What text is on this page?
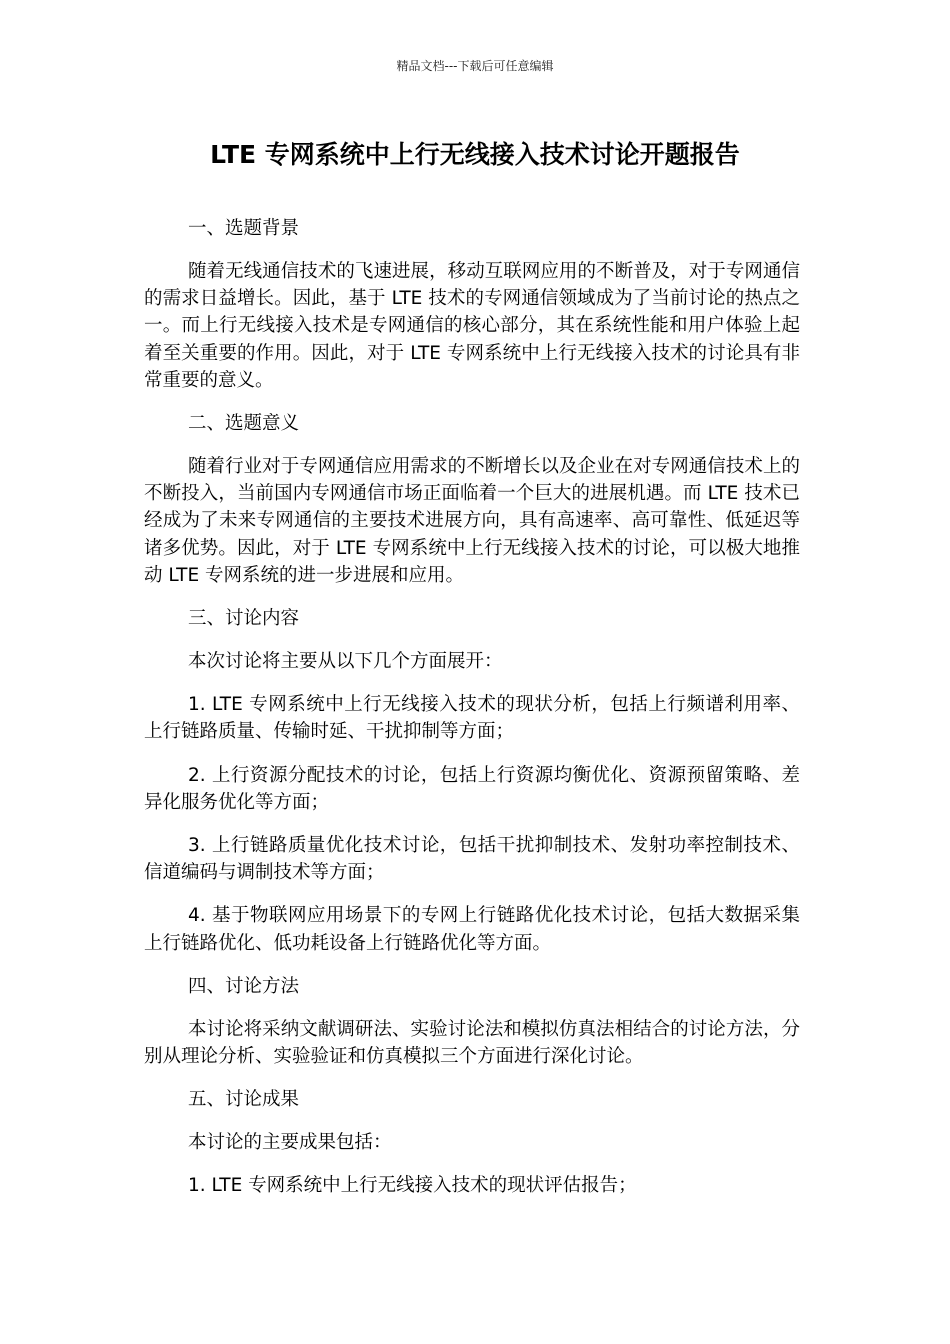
精品文档---下载后可任意编辑
LTE 专网系统中上行无线接入技术讨论开题报告

一、选题背景

随着无线通信技术的飞速进展，移动互联网应用的不断普及，对于专网通信的需求日益增长。因此，基于 LTE 技术的专网通信领域成为了当前讨论的热点之一。而上行无线接入技术是专网通信的核心部分，其在系统性能和用户体验上起着至关重要的作用。因此，对于 LTE 专网系统中上行无线接入技术的讨论具有非常重要的意义。

二、选题意义

随着行业对于专网通信应用需求的不断增长以及企业在对专网通信技术上的不断投入，当前国内专网通信市场正面临着一个巨大的进展机遇。而 LTE 技术已经成为了未来专网通信的主要技术进展方向，具有高速率、高可靠性、低延迟等诸多优势。因此，对于 LTE 专网系统中上行无线接入技术的讨论，可以极大地推动 LTE 专网系统的进一步进展和应用。

三、讨论内容

本次讨论将主要从以下几个方面展开：

1. LTE 专网系统中上行无线接入技术的现状分析，包括上行频谱利用率、上行链路质量、传输时延、干扰抑制等方面；

2. 上行资源分配技术的讨论，包括上行资源均衡优化、资源预留策略、差异化服务优化等方面；

3. 上行链路质量优化技术讨论，包括干扰抑制技术、发射功率控制技术、信道编码与调制技术等方面；

4. 基于物联网应用场景下的专网上行链路优化技术讨论，包括大数据采集上行链路优化、低功耗设备上行链路优化等方面。

四、讨论方法

本讨论将采纳文献调研法、实验讨论法和模拟仿真法相结合的讨论方法，分别从理论分析、实验验证和仿真模拟三个方面进行深化讨论。

五、讨论成果

本讨论的主要成果包括：

1. LTE 专网系统中上行无线接入技术的现状评估报告；
